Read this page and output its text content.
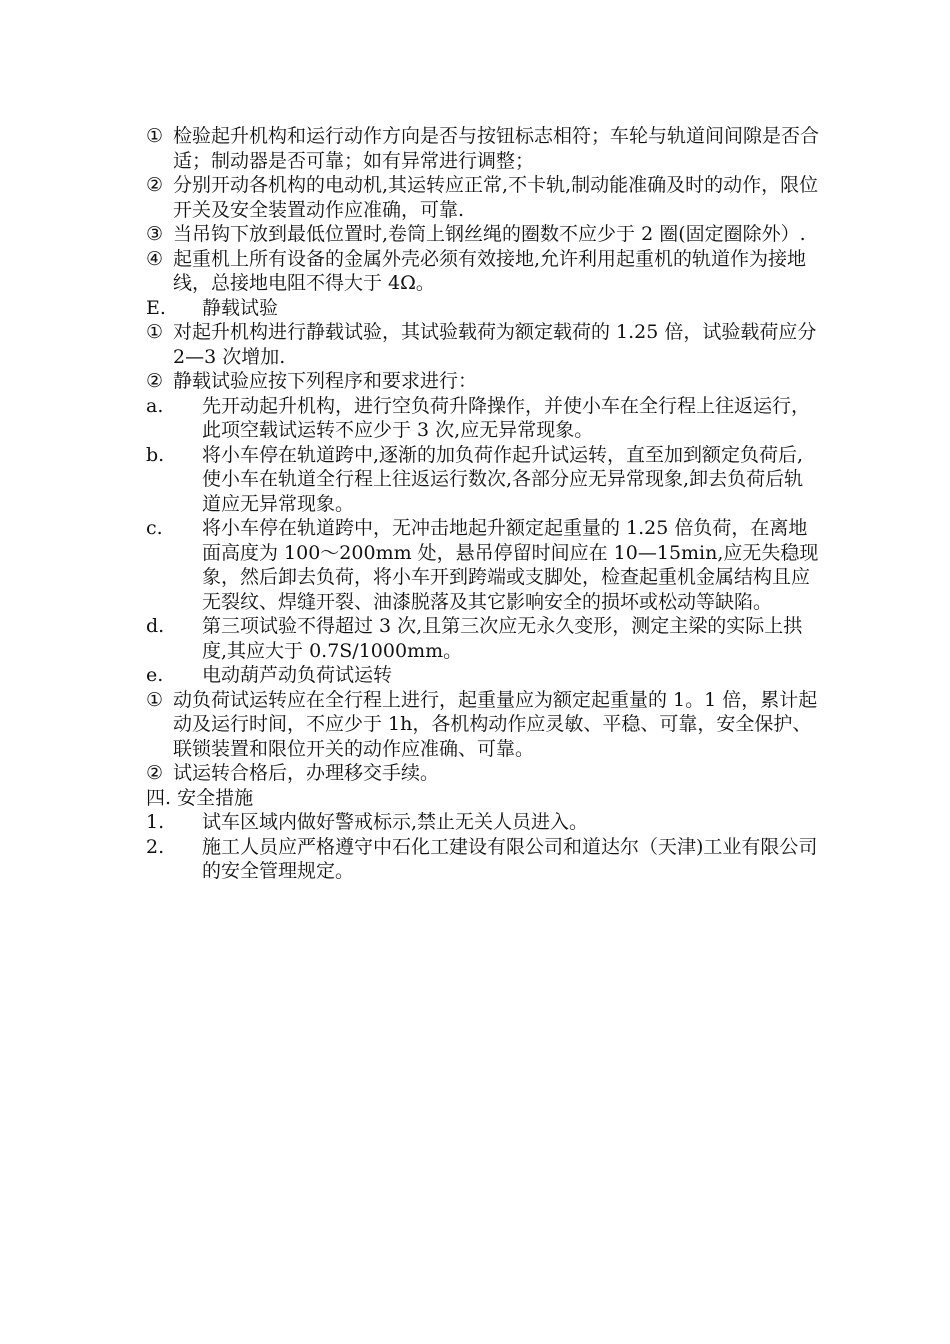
① 检验起升机构和运行动作方向是否与按钮标志相符；车轮与轨道间间隙是否合适；制动器是否可靠；如有异常进行调整；
② 分别开动各机构的电动机,其运转应正常,不卡轨,制动能准确及时的动作，限位开关及安全装置动作应准确，可靠.
③ 当吊钩下放到最低位置时,卷筒上钢丝绳的圈数不应少于 2 圈(固定圈除外）.
④ 起重机上所有设备的金属外壳必须有效接地,允许利用起重机的轨道作为接地线，总接地电阻不得大于 4Ω。
E.	静载试验
① 对起升机构进行静载试验，其试验载荷为额定载荷的 1.25 倍，试验载荷应分 2—3 次增加.
② 静载试验应按下列程序和要求进行：
a.	先开动起升机构，进行空负荷升降操作，并使小车在全行程上往返运行，此项空载试运转不应少于 3 次,应无异常现象。
b.	将小车停在轨道跨中,逐渐的加负荷作起升试运转，直至加到额定负荷后,使小车在轨道全行程上往返运行数次,各部分应无异常现象,卸去负荷后轨道应无异常现象。
c.	将小车停在轨道跨中，无冲击地起升额定起重量的 1.25 倍负荷，在离地面高度为 100～200mm 处，悬吊停留时间应在 10—15min,应无失稳现象，然后卸去负荷，将小车开到跨端或支脚处，检查起重机金属结构且应无裂纹、焊缝开裂、油漆脱落及其它影响安全的损坏或松动等缺陷。
d.	第三项试验不得超过 3 次,且第三次应无永久变形，测定主梁的实际上拱度,其应大于 0.7S/1000mm。
e.	电动葫芦动负荷试运转
① 动负荷试运转应在全行程上进行，起重量应为额定起重量的 1。1 倍，累计起动及运行时间，不应少于 1h，各机构动作应灵敏、平稳、可靠，安全保护、联锁装置和限位开关的动作应准确、可靠。
② 试运转合格后，办理移交手续。
四. 安全措施
1.	试车区域内做好警戒标示,禁止无关人员进入。
2.	施工人员应严格遵守中石化工建设有限公司和道达尔（天津)工业有限公司的安全管理规定。
